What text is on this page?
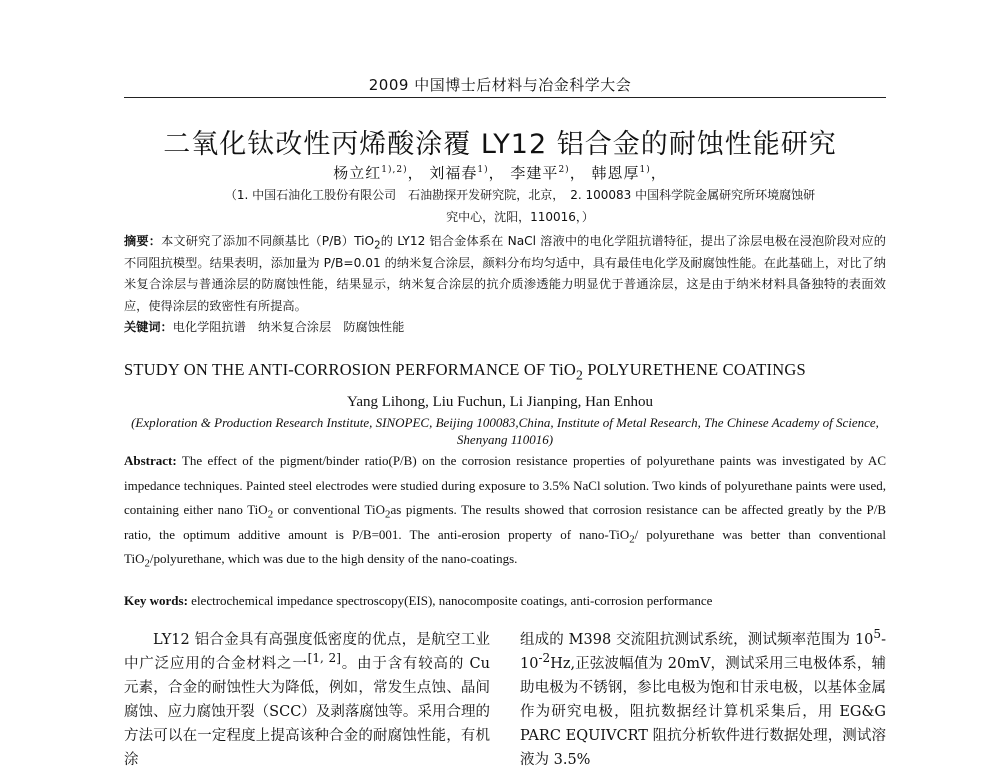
2009 中国博士后材料与冶金科学大会
二氧化钛改性丙烯酸涂覆 LY12 铝合金的耐蚀性能研究
杨立红$^{1),2)}$， 刘福春$^{1)}$， 李建平$^{2)}$， 韩恩厚$^{1)}$，
（1. 中国石油化工股份有限公司　石油勘探开发研究院，北京，　2. 100083 中国科学院金属研究所环境腐蚀研
究中心，沈阳，110016，）
摘要：本文研究了添加不同颜基比（P/B）TiO$_2$的 LY12 铝合金体系在 NaCl 溶液中的电化学阻抗谱特征，提出了涂层电极在浸泡阶段对应的不同阻抗模型。结果表明，添加量为 P/B=0.01 的纳米复合涂层，颜料分布均匀适中，具有最佳电化学及耐腐蚀性能。在此基础上，对比了纳米复合涂层与普通涂层的防腐蚀性能，结果显示，纳米复合涂层的抗介质渗透能力明显优于普通涂层，这是由于纳米材料具备独特的表面效应，使得涂层的致密性有所提高。
关键词：电化学阻抗谱　纳米复合涂层　防腐蚀性能
STUDY ON THE ANTI-CORROSION PERFORMANCE OF TiO$_2$ POLYURETHENE COATINGS
Yang Lihong, Liu Fuchun, Li Jianping, Han Enhou
(Exploration & Production Research Institute, SINOPEC, Beijing 100083,China, Institute of Metal Research, The Chinese Academy of Science, Shenyang 110016)
Abstract: The effect of the pigment/binder ratio(P/B) on the corrosion resistance properties of polyurethane paints was investigated by AC impedance techniques. Painted steel electrodes were studied during exposure to 3.5% NaCl solution. Two kinds of polyurethane paints were used, containing either nano TiO$_2$ or conventional TiO$_2$as pigments. The results showed that corrosion resistance can be affected greatly by the P/B ratio, the optimum additive amount is P/B=001. The anti-erosion property of nano-TiO$_2$/ polyurethane was better than conventional TiO$_2$/polyurethane, which was due to the high density of the nano-coatings.
Key words: electrochemical impedance spectroscopy(EIS), nanocomposite coatings, anti-corrosion performance
LY12 铝合金具有高强度低密度的优点，是航空工业中广泛应用的合金材料之一[1, 2]。由于含有较高的 Cu 元素，合金的耐蚀性大为降低，例如，常发生点蚀、晶间腐蚀、应力腐蚀开裂（SCC）及剥落腐蚀等。采用合理的方法可以在一定程度上提高该种合金的耐腐蚀性能，有机涂
组成的 M398 交流阻抗测试系统，测试频率范围为 $10^5-10^{-2}Hz$,正弦波幅值为 20mV，测试采用三电极体系，辅助电极为不锈钢，参比电极为饱和甘汞电极，以基体金属作为研究电极，阻抗数据经计算机采集后，用 EG&G PARC EQUIVCRT 阻抗分析软件进行数据处理，测试溶液为 3.5%
